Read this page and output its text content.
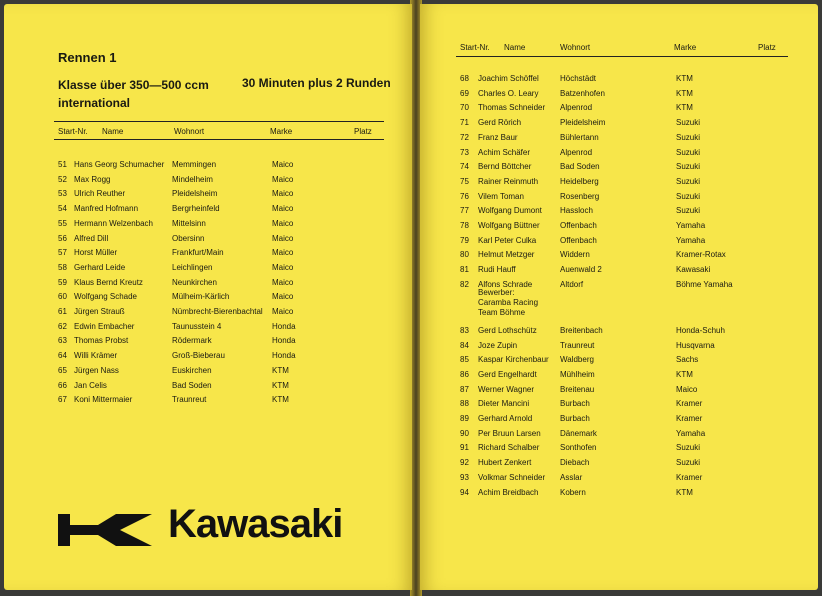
Rennen 1
Klasse über 350—500 ccm
international
30 Minuten plus 2 Runden
Start-Nr. Name	Wohnort	Marke	Platz
51 Hans Georg Schumacher Memmingen	Maico
52 Max Rogg	Mindelheim	Maico
53 Ulrich Reuther	Pleidelsheim	Maico
54 Manfred Hofmann	Bergrheinfeld	Maico
55 Hermann Welzenbach Mittelsinn	Maico
56 Alfred Dill	Obersinn	Maico
57 Horst Müller	Frankfurt/Main	Maico
58 Gerhard Leide	Leichlingen	Maico
59 Klaus Bernd Kreutz	Neunkirchen	Maico
60 Wolfgang Schade	Mülheim-Kärlich	Maico
61 Jürgen Strauß	Nümbrecht-Bierenbachtal Maico
62 Edwin Embacher	Taunusstein 4	Honda
63 Thomas Probst	Rödermark	Honda
64 Willi Krämer	Groß-Bieberau	Honda
65 Jürgen Nass	Euskirchen	KTM
66 Jan Celis	Bad Soden	KTM
67 Koni Mittermaier	Traunreut	KTM
Kawasaki
Start-Nr. Name	Wohnort	Marke	Platz
68 Joachim Schöffel	Höchstädt	KTM
69 Charles O. Leary	Batzenhofen	KTM
70 Thomas Schneider Alpenrod	KTM
71 Gerd Rörich	Pleidelsheim	Suzuki
72 Franz Baur	Bühlertann	Suzuki
73 Achim Schäfer	Alpenrod	Suzuki
74 Bernd Böttcher	Bad Soden	Suzuki
75 Rainer Reinmuth	Heidelberg	Suzuki
76 Vilem Toman	Rosenberg	Suzuki
77 Wolfgang Dumont Hassloch	Suzuki
78 Wolfgang Büttner	Offenbach	Yamaha
79 Karl Peter Culka	Offenbach	Yamaha
80 Helmut Metzger	Widdern	Kramer-Rotax
81 Rudi Hauff	Auenwald 2	Kawasaki
82 Alfons Schrade	Altdorf	Böhme Yamaha
Bewerber:
Caramba Racing
Team Böhme
83 Gerd Lothschütz	Breitenbach	Honda-Schuh
84 Joze Zupin	Traunreut	Husqvarna
85 Kaspar Kirchenbaur Waldberg	Sachs
86 Gerd Engelhardt	Mühlheim	KTM
87 Werner Wagner	Breitenau	Maico
88 Dieter Mancini	Burbach	Kramer
89 Gerhard Arnold	Burbach	Kramer
90 Per Bruun Larsen Dänemark	Yamaha
91 Richard Schalber	Sonthofen	Suzuki
92 Hubert Zenkert	Diebach	Suzuki
93 Volkmar Schneider Asslar	Kramer
94 Achim Breidbach	Kobern	KTM
